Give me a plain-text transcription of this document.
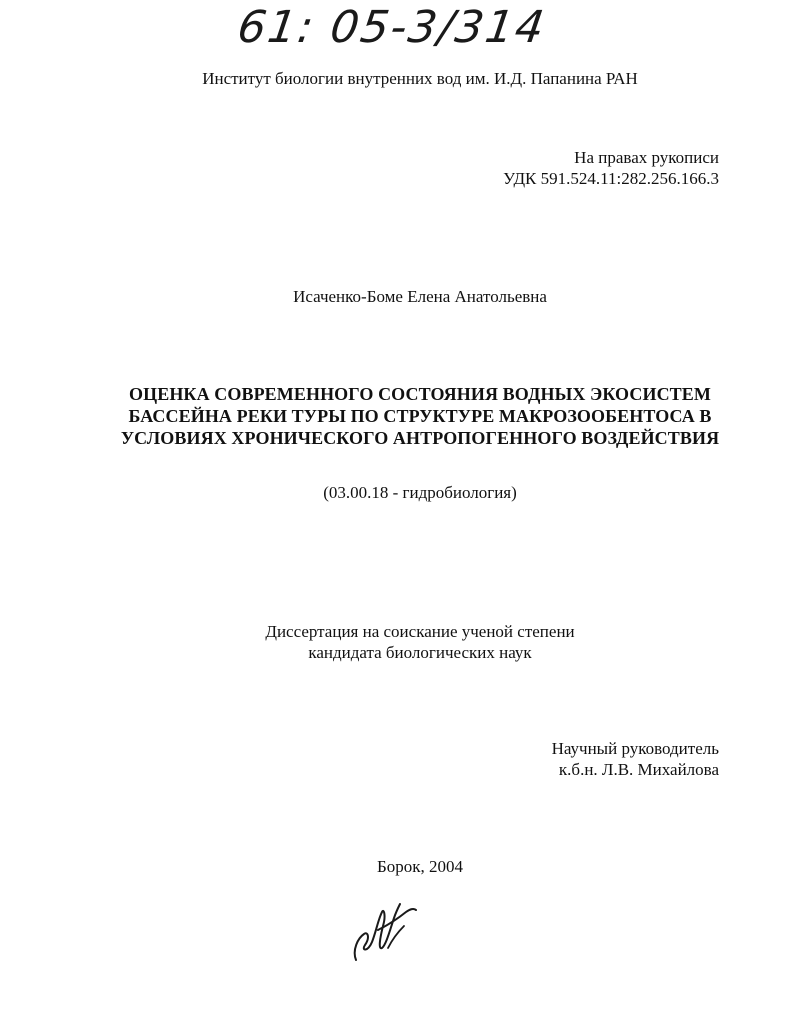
61: 05-3/314
Институт биологии внутренних вод им. И.Д. Папанина РАН
На правах рукописи
УДК 591.524.11:282.256.166.3
Исаченко-Боме Елена Анатольевна
ОЦЕНКА СОВРЕМЕННОГО СОСТОЯНИЯ ВОДНЫХ ЭКОСИСТЕМ
БАССЕЙНА РЕКИ ТУРЫ ПО СТРУКТУРЕ МАКРОЗООБЕНТОСА В
УСЛОВИЯХ ХРОНИЧЕСКОГО АНТРОПОГЕННОГО ВОЗДЕЙСТВИЯ
(03.00.18 - гидробиология)
Диссертация на соискание ученой степени
кандидата биологических наук
Научный руководитель
к.б.н. Л.В. Михайлова
Борок, 2004
